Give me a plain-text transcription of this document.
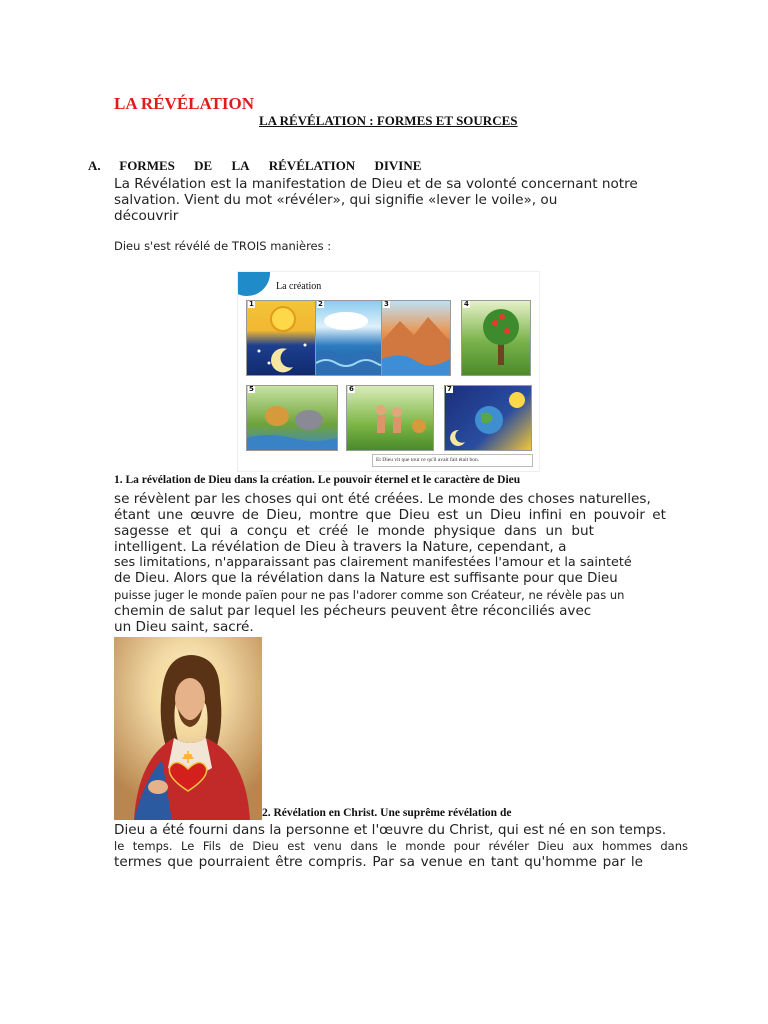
LA RÉVÉLATION
LA RÉVÉLATION : FORMES ET SOURCES
A. FORMES DE LA RÉVÉLATION DIVINE
La Révélation est la manifestation de Dieu et de sa volonté concernant notre
salvation. Vient du mot «révéler», qui signifie «lever le voile», ou
découvrir
Dieu s'est révélé de TROIS manières :
La création
1	2	3	4
5	6	7
Et Dieu vit que tout ce qu'il avait fait était bon.
1. La révélation de Dieu dans la création. Le pouvoir éternel et le caractère de Dieu
se révèlent par les choses qui ont été créées. Le monde des choses naturelles,
étant une œuvre de Dieu, montre que Dieu est un Dieu infini en pouvoir et
sagesse et qui a conçu et créé le monde physique dans un but
intelligent. La révélation de Dieu à travers la Nature, cependant, a
ses limitations, n'apparaissant pas clairement manifestées l'amour et la sainteté
de Dieu. Alors que la révélation dans la Nature est suffisante pour que Dieu
puisse juger le monde païen pour ne pas l'adorer comme son Créateur, ne révèle pas un
chemin de salut par lequel les pécheurs peuvent être réconciliés avec
un Dieu saint, sacré.
2. Révélation en Christ. Une suprême révélation de
Dieu a été fourni dans la personne et l'œuvre du Christ, qui est né en son temps.
le temps. Le Fils de Dieu est venu dans le monde pour révéler Dieu aux hommes dans
termes que pourraient être compris. Par sa venue en tant qu'homme par le
